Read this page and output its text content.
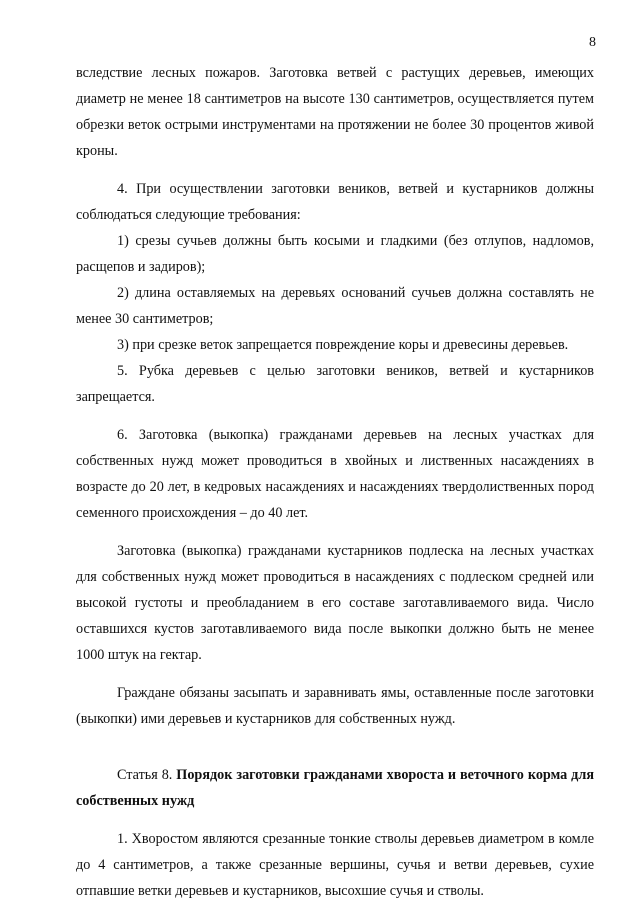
8

вследствие лесных пожаров. Заготовка ветвей с растущих деревьев, имеющих диаметр не менее 18 сантиметров на высоте 130 сантиметров, осуществляется путем обрезки веток острыми инструментами на протяжении не более 30 процентов живой кроны.

4. При осуществлении заготовки веников, ветвей и кустарников должны соблюдаться следующие требования:

1) срезы сучьев должны быть косыми и гладкими (без отлупов, надломов, расщепов и задиров);

2) длина оставляемых на деревьях оснований сучьев должна составлять не менее 30 сантиметров;

3) при срезке веток запрещается повреждение коры и древесины деревьев.

5. Рубка деревьев с целью заготовки веников, ветвей и кустарников запрещается.

6. Заготовка (выкопка) гражданами деревьев на лесных участках для собственных нужд может проводиться в хвойных и лиственных насаждениях в возрасте до 20 лет, в кедровых насаждениях и насаждениях твердолиственных пород семенного происхождения – до 40 лет.

Заготовка (выкопка) гражданами кустарников подлеска на лесных участках для собственных нужд может проводиться в насаждениях с подлеском средней или высокой густоты и преобладанием в его составе заготавливаемого вида. Число оставшихся кустов заготавливаемого вида после выкопки должно быть не менее 1000 штук на гектар.

Граждане обязаны засыпать и заравнивать ямы, оставленные после заготовки (выкопки) ими деревьев и кустарников для собственных нужд.

Статья 8. Порядок заготовки гражданами хвороста и веточного корма для собственных нужд

1. Хворостом являются срезанные тонкие стволы деревьев диаметром в комле до 4 сантиметров, а также срезанные вершины, сучья и ветви деревьев, сухие отпавшие ветки деревьев и кустарников, высохшие сучья и стволы.
